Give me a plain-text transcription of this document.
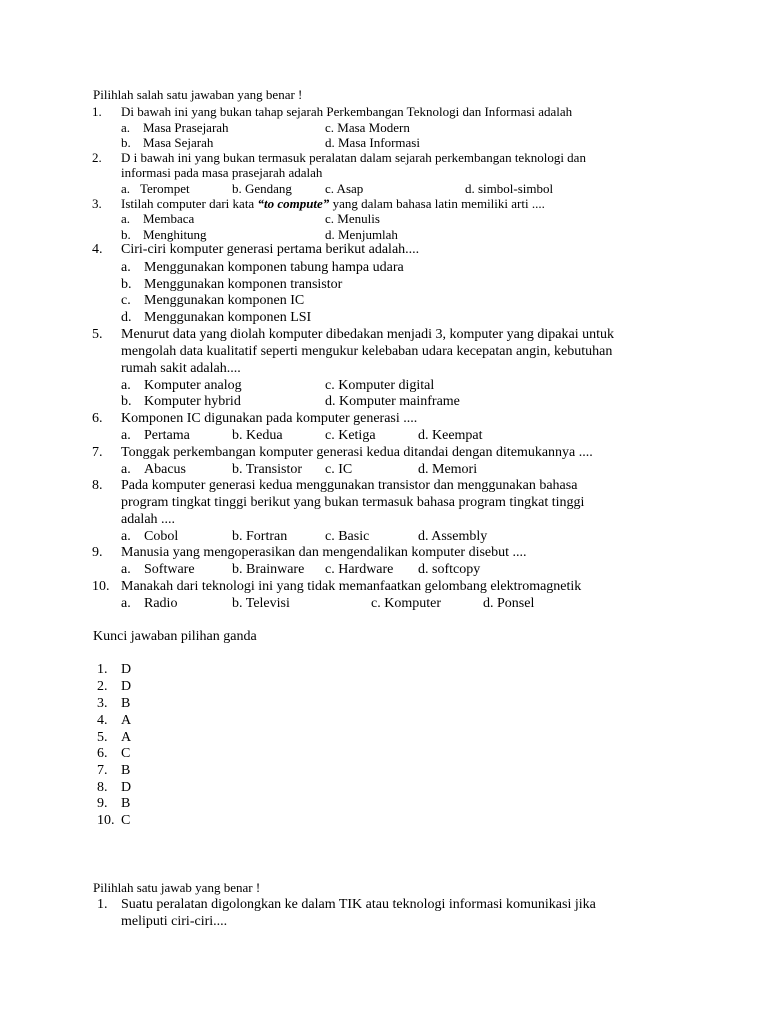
Pilihlah salah satu jawaban yang benar !
1. Di bawah ini yang bukan tahap sejarah Perkembangan Teknologi dan Informasi adalah
a. Masa Prasejarah	c. Masa Modern
b. Masa Sejarah	d. Masa Informasi
2. D i bawah ini yang bukan termasuk peralatan dalam sejarah perkembangan teknologi dan
informasi pada masa prasejarah adalah
a. Terompet	b. Gendang	c. Asap	d. simbol-simbol
3. Istilah computer dari kata “to compute” yang dalam bahasa latin memiliki arti ....
a. Membaca	c. Menulis
b. Menghitung	d. Menjumlah
4. Ciri-ciri komputer generasi pertama berikut adalah....
a. Menggunakan komponen tabung hampa udara
b. Menggunakan komponen transistor
c. Menggunakan komponen IC
d. Menggunakan komponen LSI
5. Menurut data yang diolah komputer dibedakan menjadi 3, komputer yang dipakai untuk
mengolah data kualitatif seperti mengukur kelebaban udara kecepatan angin, kebutuhan
rumah sakit adalah....
a. Komputer analog	c. Komputer digital
b. Komputer hybrid	d. Komputer mainframe
6. Komponen IC digunakan pada komputer generasi ....
a. Pertama	b. Kedua	c. Ketiga	d. Keempat
7. Tonggak perkembangan komputer generasi kedua ditandai dengan ditemukannya ....
a. Abacus	b. Transistor c. IC	d. Memori
8. Pada komputer generasi kedua menggunakan transistor dan menggunakan bahasa
program tingkat tinggi berikut yang bukan termasuk bahasa program tingkat tinggi
adalah ....
a. Cobol	b. Fortran	c. Basic	d. Assembly
9. Manusia yang mengoperasikan dan mengendalikan komputer disebut ....
a. Software	b. Brainware c. Hardware d. softcopy
10. Manakah dari teknologi ini yang tidak memanfaatkan gelombang elektromagnetik
a. Radio	b. Televisi	c. Komputer	d. Ponsel
Kunci jawaban pilihan ganda
1. D
2. D
3. B
4. A
5. A
6. C
7. B
8. D
9. B
10. C
Pilihlah satu jawab yang benar !
1. Suatu peralatan digolongkan ke dalam TIK atau teknologi informasi komunikasi jika
meliputi ciri-ciri....
